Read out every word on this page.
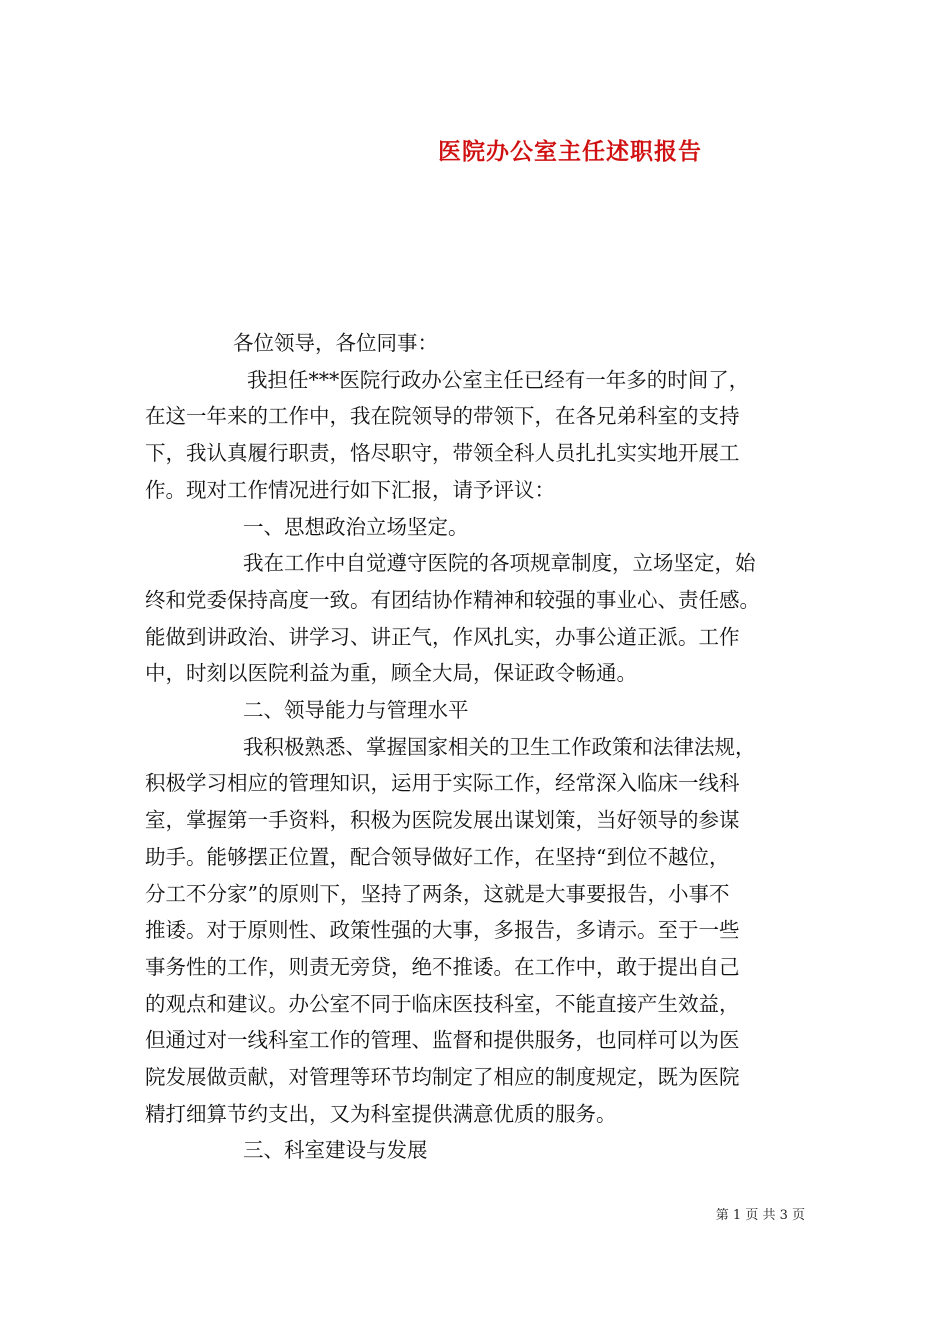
医院办公室主任述职报告

各位领导，各位同事：

我担任***医院行政办公室主任已经有一年多的时间了，

在这一年来的工作中，我在院领导的带领下，在各兄弟科室的支持

下，我认真履行职责，恪尽职守，带领全科人员扎扎实实地开展工

作。现对工作情况进行如下汇报，请予评议：

一、思想政治立场坚定。

我在工作中自觉遵守医院的各项规章制度，立场坚定，始

终和党委保持高度一致。有团结协作精神和较强的事业心、责任感。

能做到讲政治、讲学习、讲正气，作风扎实，办事公道正派。工作

中，时刻以医院利益为重，顾全大局，保证政令畅通。

二、领导能力与管理水平

我积极熟悉、掌握国家相关的卫生工作政策和法律法规，

积极学习相应的管理知识，运用于实际工作，经常深入临床一线科

室，掌握第一手资料，积极为医院发展出谋划策，当好领导的参谋

助手。能够摆正位置，配合领导做好工作，在坚持“到位不越位，

分工不分家”的原则下，坚持了两条，这就是大事要报告，小事不

推诿。对于原则性、政策性强的大事，多报告，多请示。至于一些

事务性的工作，则责无旁贷，绝不推诿。在工作中，敢于提出自己

的观点和建议。办公室不同于临床医技科室，不能直接产生效益，

但通过对一线科室工作的管理、监督和提供服务，也同样可以为医

院发展做贡献，对管理等环节均制定了相应的制度规定，既为医院

精打细算节约支出，又为科室提供满意优质的服务。

三、科室建设与发展

第 1 页 共 3 页
